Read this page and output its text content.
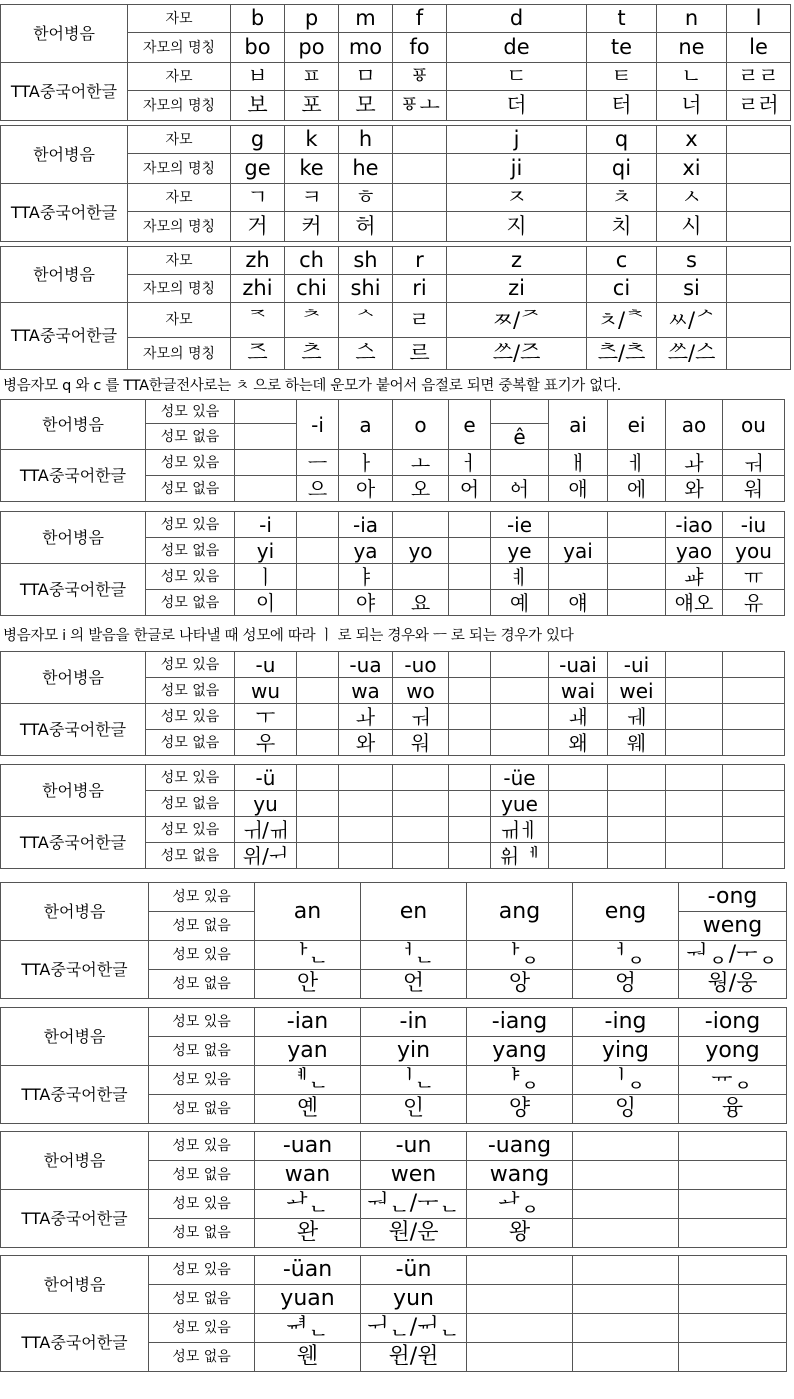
한어병음	자모	b	p	m	f	d	t	n	l
	자모의 명칭	bo	po	mo	fo	de	te	ne	le
TTA중국어한글	자모	ㅂ	ㅍ	ㅁ	ㆄ	ㄷ	ㅌ	ㄴ	ㄹㄹ
	자모의 명칭	보	포	모	ㆄㅗ	더	터	너	ㄹ러
한어병음	자모	g	k	h		j	q	x	
	자모의 명칭	ge	ke	he		ji	qi	xi	
TTA중국어한글	자모	ㄱ	ㅋ	ㅎ		ㅈ	ㅊ	ㅅ	
	자모의 명칭	거	커	허		지	치	시	
한어병음	자모	zh	ch	sh	r	z	c	s	
	자모의 명칭	zhi	chi	shi	ri	zi	ci	si	
TTA중국어한글	자모	ᅐ	ᅔ	ᄾ	ㄹ	ㅉ/ᅎ	ㅊ/ᅕ	ㅆ/ᄼ	
	자모의 명칭	ᅐᅳ	ᅔᅳ	ᄾᅳ	르	ᄽᅳ/ᅎᅳ	ᅕᅳ/ᅕᅳ	ᄽᅳ/ᄼᅳ	
병음자모 q 와 c 를 TTA한글전사로는 ㅊ 으로 하는데 운모가 붙어서 음절로 되면 중복할 표기가 없다.
한어병음	성모 있음		-i	a	o	e		ai	ei	ao	ou
	성모 없음						ê				
TTA중국어한글	성모 있음		ㅡ	ㅏ	ㅗ	ㅓ		ㅐ	ㅔ	ㅘ	ㅝ
	성모 없음		으	아	오	어	ᅌᅥ	애	에	와	워
한어병음	성모 있음	-i		-ia			-ie			-iao	-iu
	성모 없음	yi		ya	yo		ye	yai		yao	you
TTA중국어한글	성모 있음	ㅣ		ㅑ			ㅖ			ㆇ	ㅠ
	성모 없음	이		야	요		예	얘		얘오	유
병음자모 i 의 발음을 한글로 나타낼 때 성모에 따라 ㅣ 로 되는 경우와 ㅡ 로 되는 경우가 있다
한어병음	성모 있음	-u		-ua	-uo			-uai	-ui		
	성모 없음	wu		wa	wo			wai	wei		
TTA중국어한글	성모 있음	ㅜ		ㅘ	ㅝ			ㅙ	ㅞ		
	성모 없음	우		와	워			왜	웨		
한어병음	성모 있음	-ü					-üe				
	성모 없음	yu					yue				
TTA중국어한글	성모 있음	ㅟ/ㆌ					ㆌㅔ				
	성모 없음	위/ᅱ					ᅌᆔᅦ				
한어병음	성모 있음	an	en	ang	eng	-ong
	성모 없음					weng
TTA중국어한글	성모 있음	ᅡᆫ	ᅥᆫ	ᅡᆼ	ᅥᆼ	ᅯᆼ/ᅮᆼ
	성모 없음	안	언	앙	엉	웡/웅
한어병음	성모 있음	-ian	-in	-iang	-ing	-iong
	성모 없음	yan	yin	yang	ying	yong
TTA중국어한글	성모 있음	ᅨᆫ	ᅵᆫ	ᅣᆼ	ᅵᆼ	ᅲᆼ
	성모 없음	옌	인	양	잉	융
한어병음	성모 있음	-uan	-un	-uang		
	성모 없음	wan	wen	wang		
TTA중국어한글	성모 있음	ᅪᆫ	ᅯᆫ/ᅮᆫ	ᅪᆼ		
	성모 없음	완	원/운	왕		
한어병음	성모 있음	-üan	-ün			
	성모 없음	yuan	yun			
TTA중국어한글	성모 있음	ᆑᆫ	ᅱᆫ/ᆔᆫ			
	성모 없음	웬	윈/윈			
